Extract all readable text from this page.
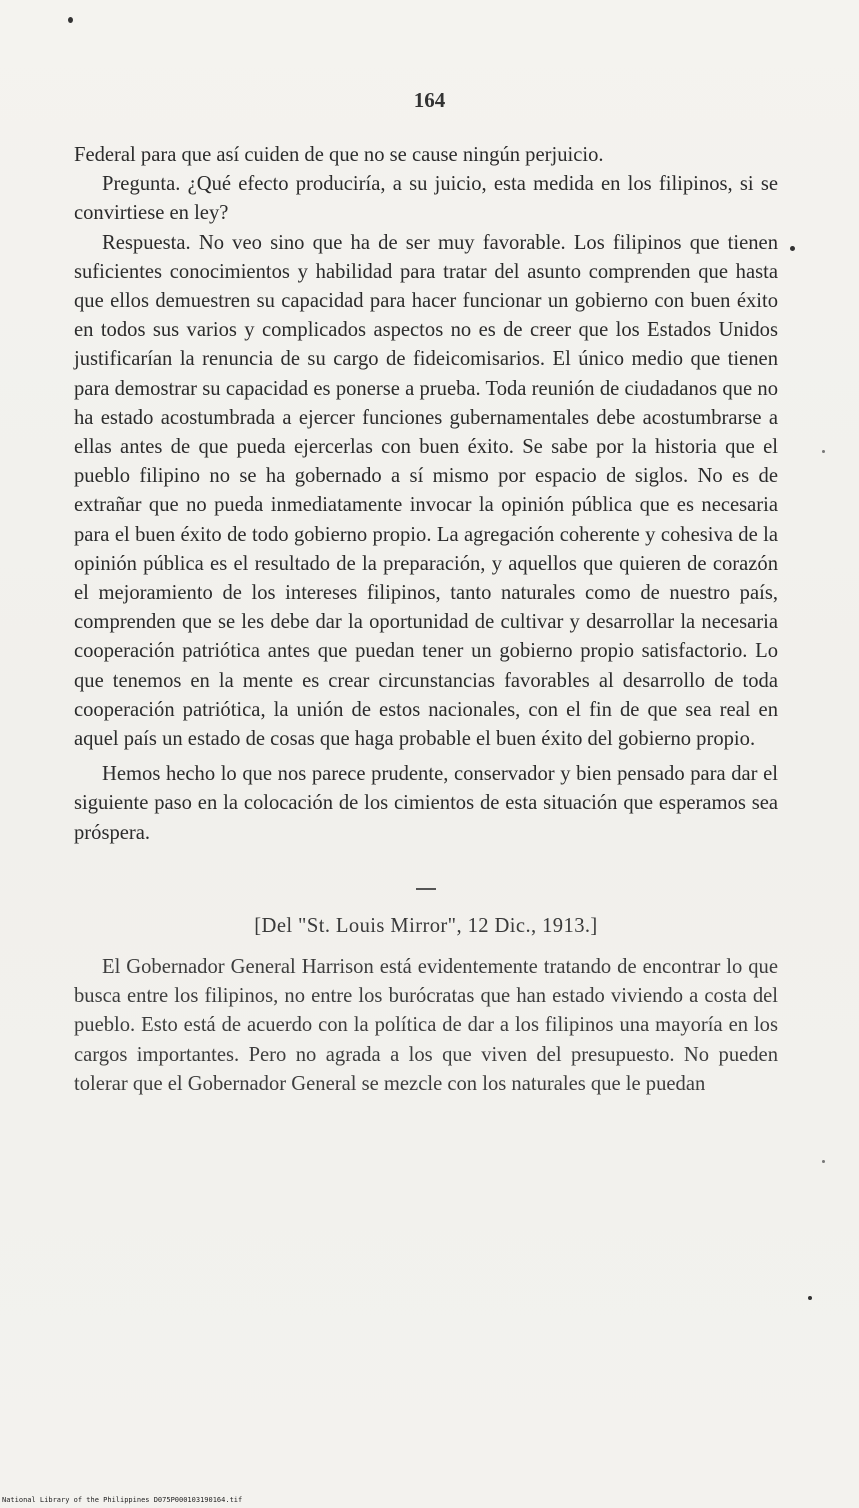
164

Federal para que así cuiden de que no se cause ningún perjuicio.

Pregunta. ¿Qué efecto produciría, a su juicio, esta medida en los filipinos, si se convirtiese en ley?

Respuesta. No veo sino que ha de ser muy favorable. Los filipinos que tienen suficientes conocimientos y habilidad para tratar del asunto comprenden que hasta que ellos demuestren su capacidad para hacer funcionar un gobierno con buen éxito en todos sus varios y complicados aspectos no es de creer que los Estados Unidos justificarían la renuncia de su cargo de fideicomisarios. El único medio que tienen para demostrar su capacidad es ponerse a prueba. Toda reunión de ciudadanos que no ha estado acostumbrada a ejercer funciones gubernamentales debe acostumbrarse a ellas antes de que pueda ejercerlas con buen éxito. Se sabe por la historia que el pueblo filipino no se ha gobernado a sí mismo por espacio de siglos. No es de extrañar que no pueda inmediatamente invocar la opinión pública que es necesaria para el buen éxito de todo gobierno propio. La agregación coherente y cohesiva de la opinión pública es el resultado de la preparación, y aquellos que quieren de corazón el mejoramiento de los intereses filipinos, tanto naturales como de nuestro país, comprenden que se les debe dar la oportunidad de cultivar y desarrollar la necesaria cooperación patriótica antes que puedan tener un gobierno propio satisfactorio. Lo que tenemos en la mente es crear circunstancias favorables al desarrollo de toda cooperación patriótica, la unión de estos nacionales, con el fin de que sea real en aquel país un estado de cosas que haga probable el buen éxito del gobierno propio.

Hemos hecho lo que nos parece prudente, conservador y bien pensado para dar el siguiente paso en la colocación de los cimientos de esta situación que esperamos sea próspera.

[Del "St. Louis Mirror", 12 Dic., 1913.]

El Gobernador General Harrison está evidentemente tratando de encontrar lo que busca entre los filipinos, no entre los burócratas que han estado viviendo a costa del pueblo. Esto está de acuerdo con la política de dar a los filipinos una mayoría en los cargos importantes. Pero no agrada a los que viven del presupuesto. No pueden tolerar que el Gobernador General se mezcle con los naturales que le puedan

National Library of the Philippines D075P000103190164.tif
